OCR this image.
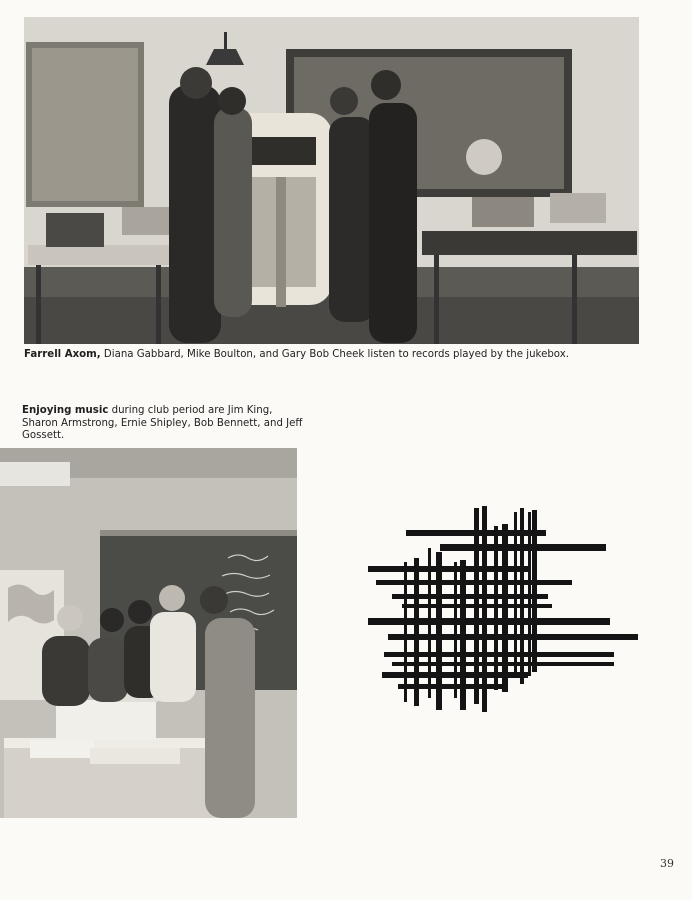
Farrell Axom, Diana Gabbard, Mike Boulton, and Gary Bob Cheek listen to records played by the jukebox.
Enjoying music during club period are Jim King, Sharon Armstrong, Ernie Shipley, Bob Bennett, and Jeff Gossett.
39
